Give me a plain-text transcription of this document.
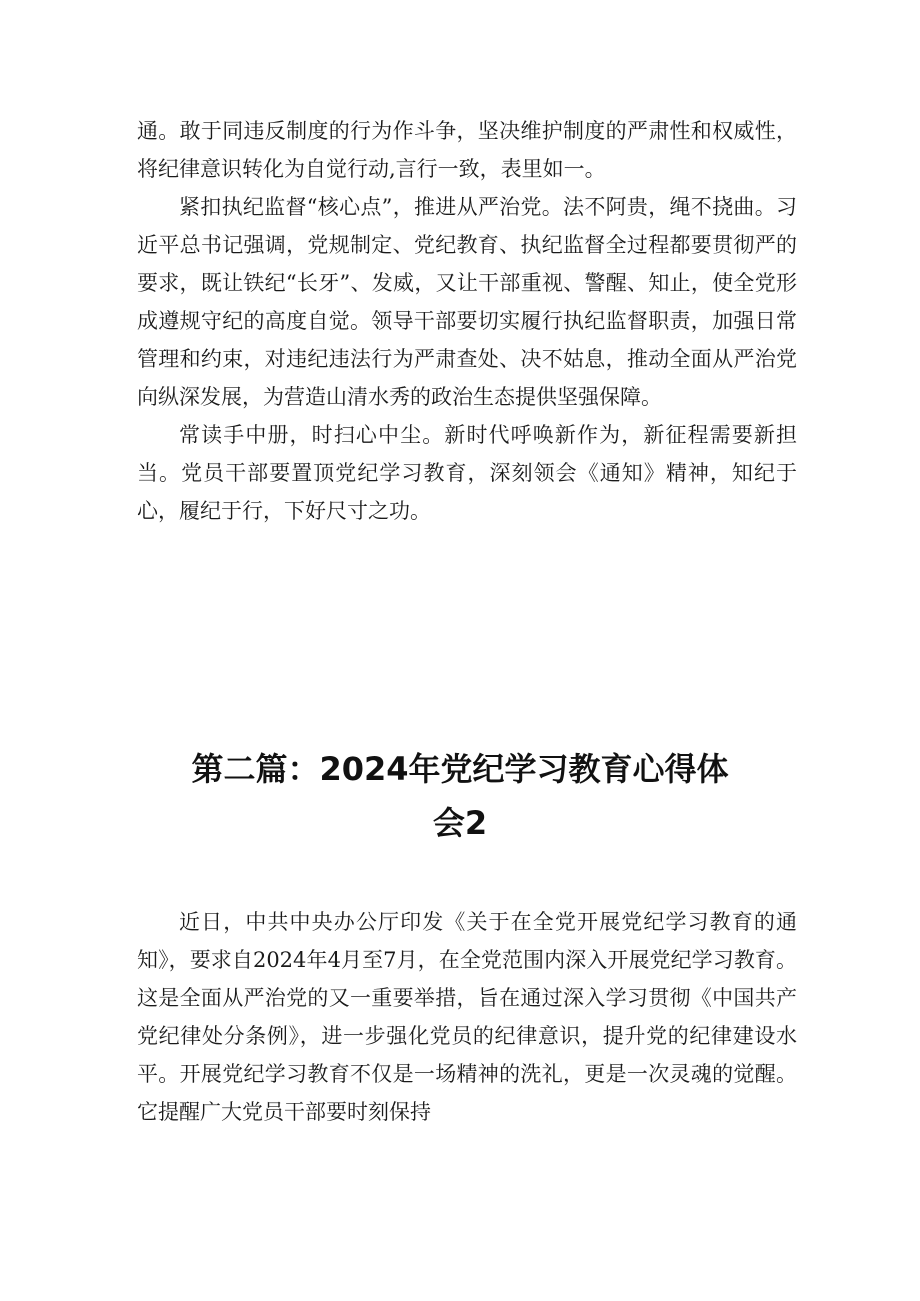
通。敢于同违反制度的行为作斗争，坚决维护制度的严肃性和权威性，将纪律意识转化为自觉行动,言行一致，表里如一。

紧扣执纪监督“核心点”，推进从严治党。法不阿贵，绳不挠曲。习近平总书记强调，党规制定、党纪教育、执纪监督全过程都要贯彻严的要求，既让铁纪“长牙”、发威，又让干部重视、警醒、知止，使全党形成遵规守纪的高度自觉。领导干部要切实履行执纪监督职责，加强日常管理和约束，对违纪违法行为严肃查处、决不姑息，推动全面从严治党向纵深发展，为营造山清水秀的政治生态提供坚强保障。

常读手中册，时扫心中尘。新时代呼唤新作为，新征程需要新担当。党员干部要置顶党纪学习教育，深刻领会《通知》精神，知纪于心，履纪于行，下好尺寸之功。

第二篇：2024年党纪学习教育心得体
会2

近日，中共中央办公厅印发《关于在全党开展党纪学习教育的通知》，要求自2024年4月至7月，在全党范围内深入开展党纪学习教育。这是全面从严治党的又一重要举措，旨在通过深入学习贯彻《中国共产党纪律处分条例》，进一步强化党员的纪律意识，提升党的纪律建设水平。开展党纪学习教育不仅是一场精神的洗礼，更是一次灵魂的觉醒。它提醒广大党员干部要时刻保持
